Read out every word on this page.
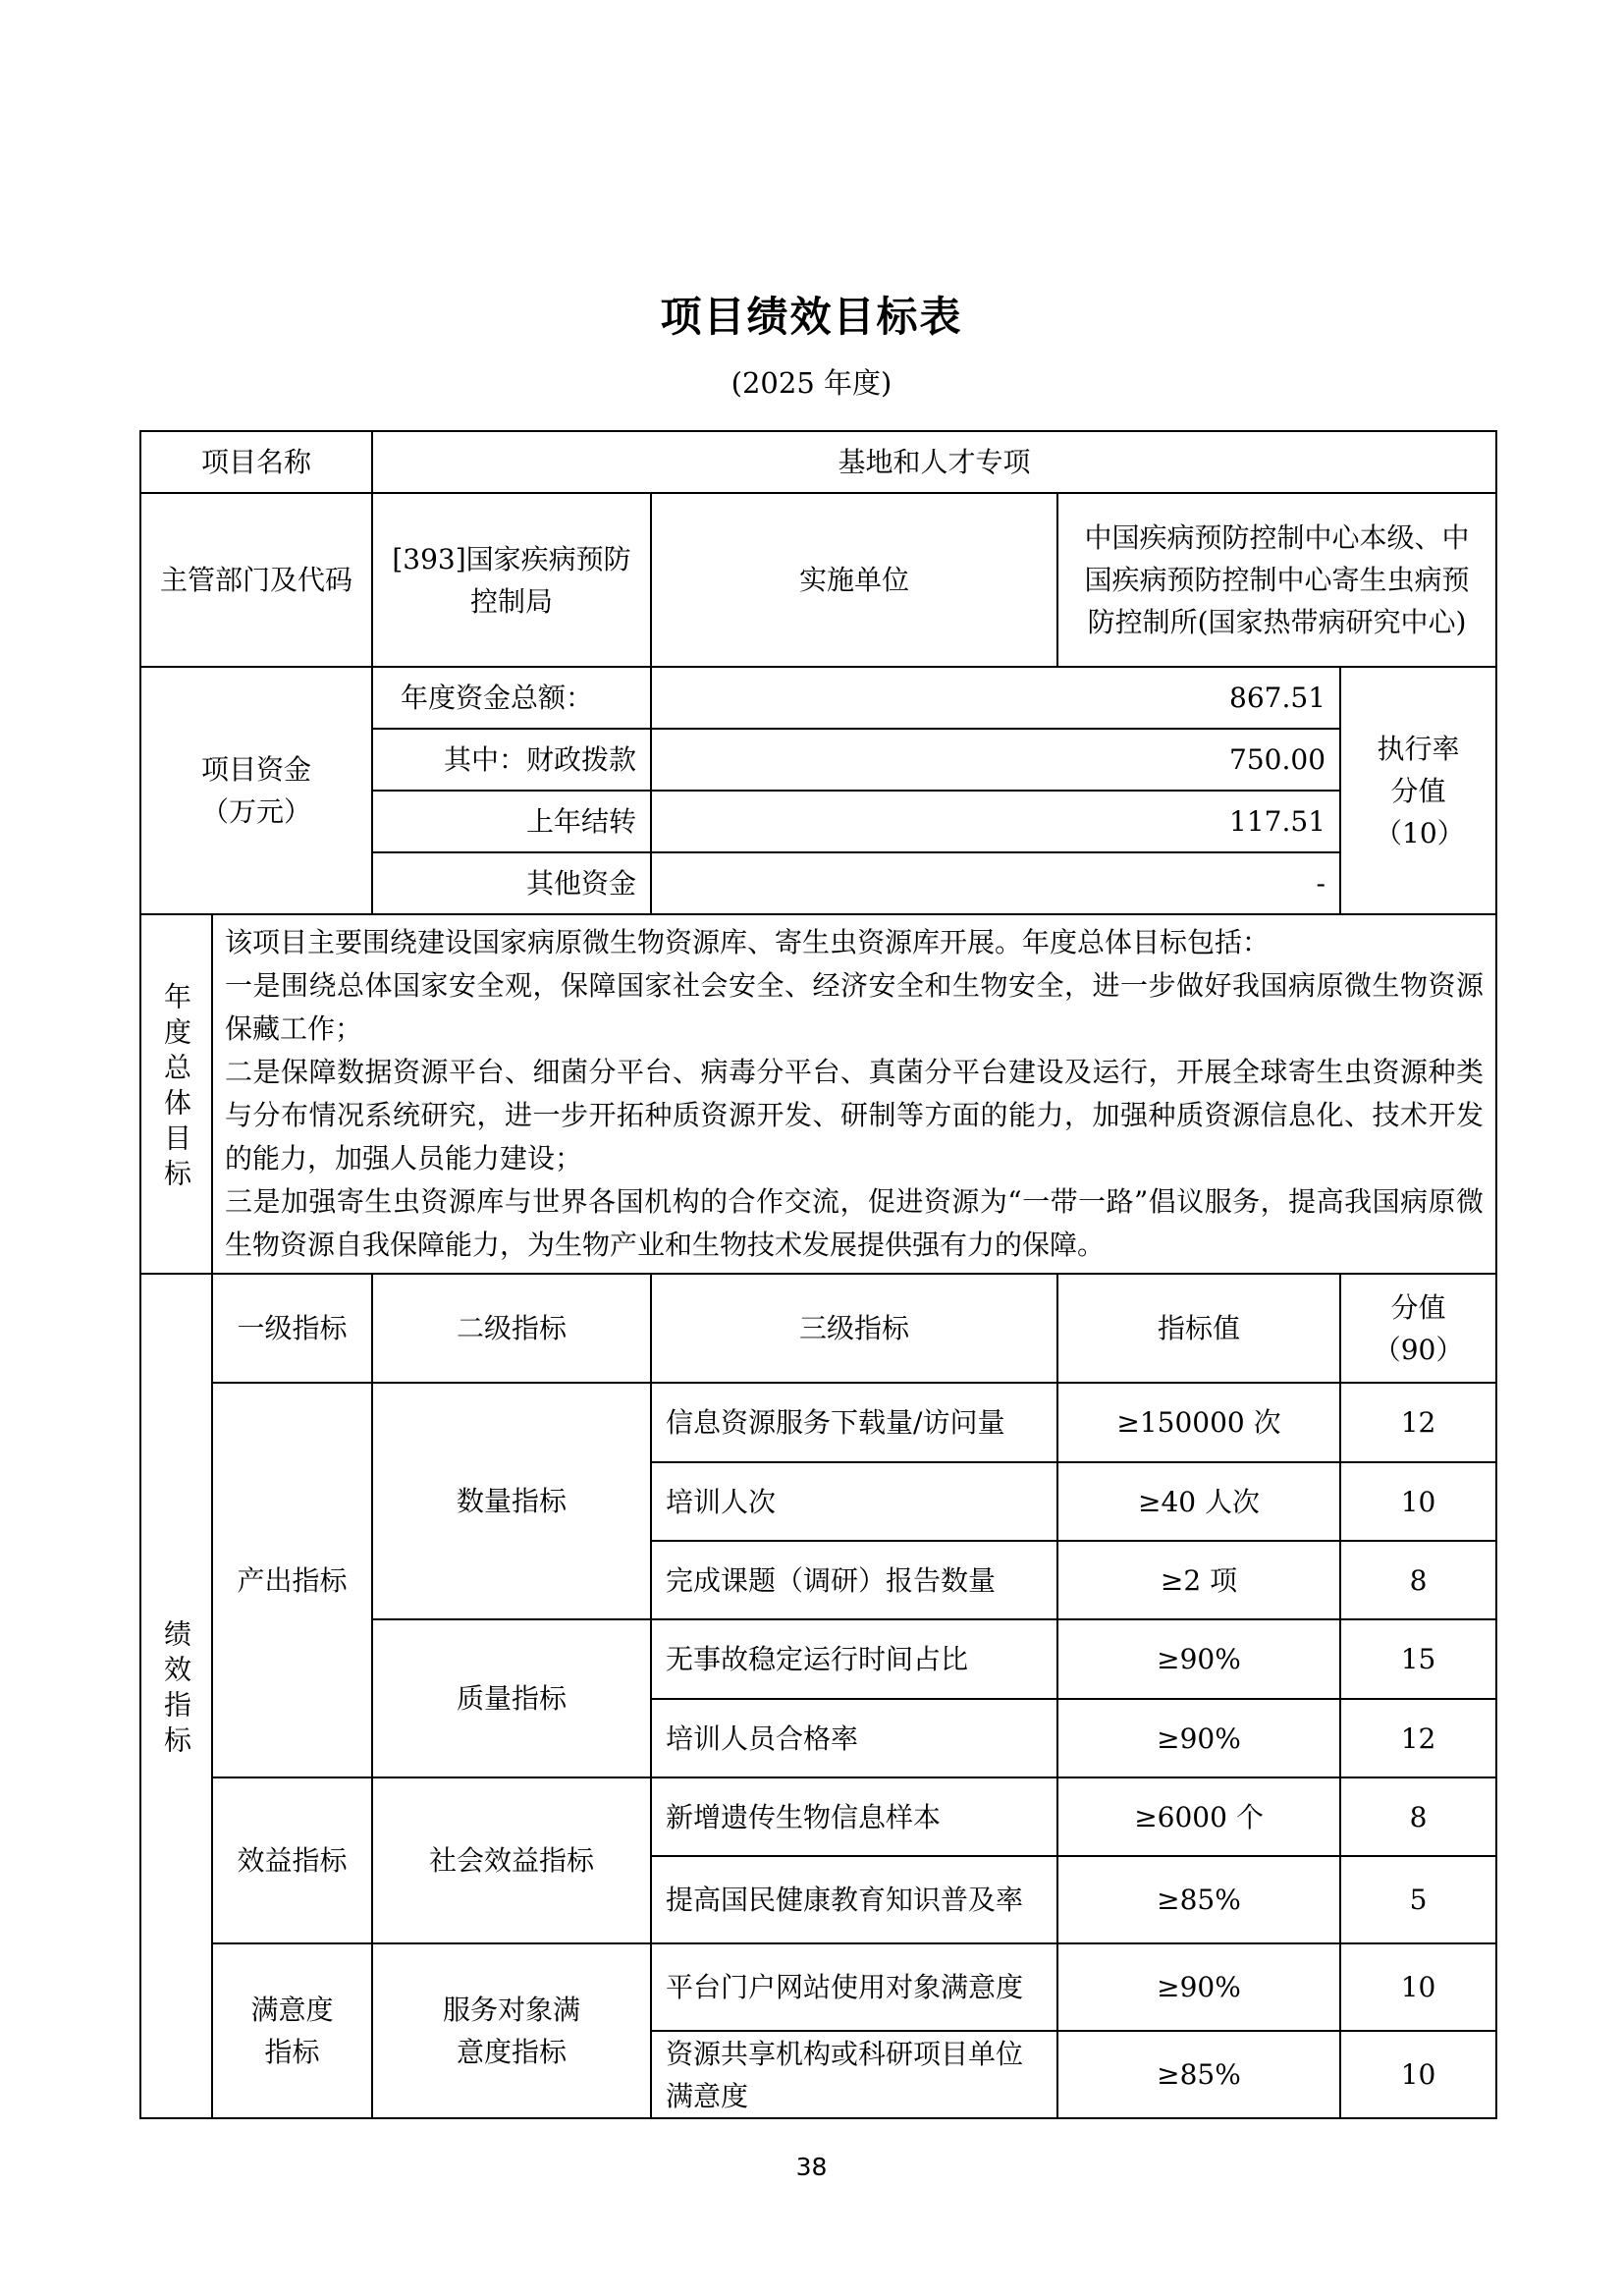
项目绩效目标表
(2025 年度)
项目名称		基地和人才专项			
主管部门及代码		[393]国家疾病预防控制局	实施单位	中国疾病预防控制中心本级、中国疾病预防控制中心寄生虫病预防控制所(国家热带病研究中心)	
项目资金（万元）		年度资金总额：	867.51		执行率分值（10）
		其中：财政拨款	750.00		
		上年结转	117.51		
		其他资金	-		
年度总体目标	该项目主要围绕建设国家病原微生物资源库、寄生虫资源库开展。年度总体目标包括：

一是围绕总体国家安全观，保障国家社会安全、经济安全和生物安全，进一步做好我国病原微生物资源保藏工作；

二是保障数据资源平台、细菌分平台、病毒分平台、真菌分平台建设及运行，开展全球寄生虫资源种类与分布情况系统研究，进一步开拓种质资源开发、研制等方面的能力，加强种质资源信息化、技术开发的能力，加强人员能力建设；

三是加强寄生虫资源库与世界各国机构的合作交流，促进资源为“一带一路”倡议服务，提高我国病原微生物资源自我保障能力，为生物产业和生物技术发展提供强有力的保障。				

绩效指标	一级指标	二级指标	三级指标	指标值	分值（90）
	产出指标	数量指标	信息资源服务下载量/访问量	≥150000 次	12
			培训人次	≥40 人次	10
			完成课题（调研）报告数量	≥2 项	8
		质量指标	无事故稳定运行时间占比	≥90%	15
			培训人员合格率	≥90%	12
	效益指标	社会效益指标	新增遗传生物信息样本	≥6000 个	8
			提高国民健康教育知识普及率	≥85%	5
	满意度指标	服务对象满意度指标	平台门户网站使用对象满意度	≥90%	10
			资源共享机构或科研项目单位满意度	≥85%	10
38
